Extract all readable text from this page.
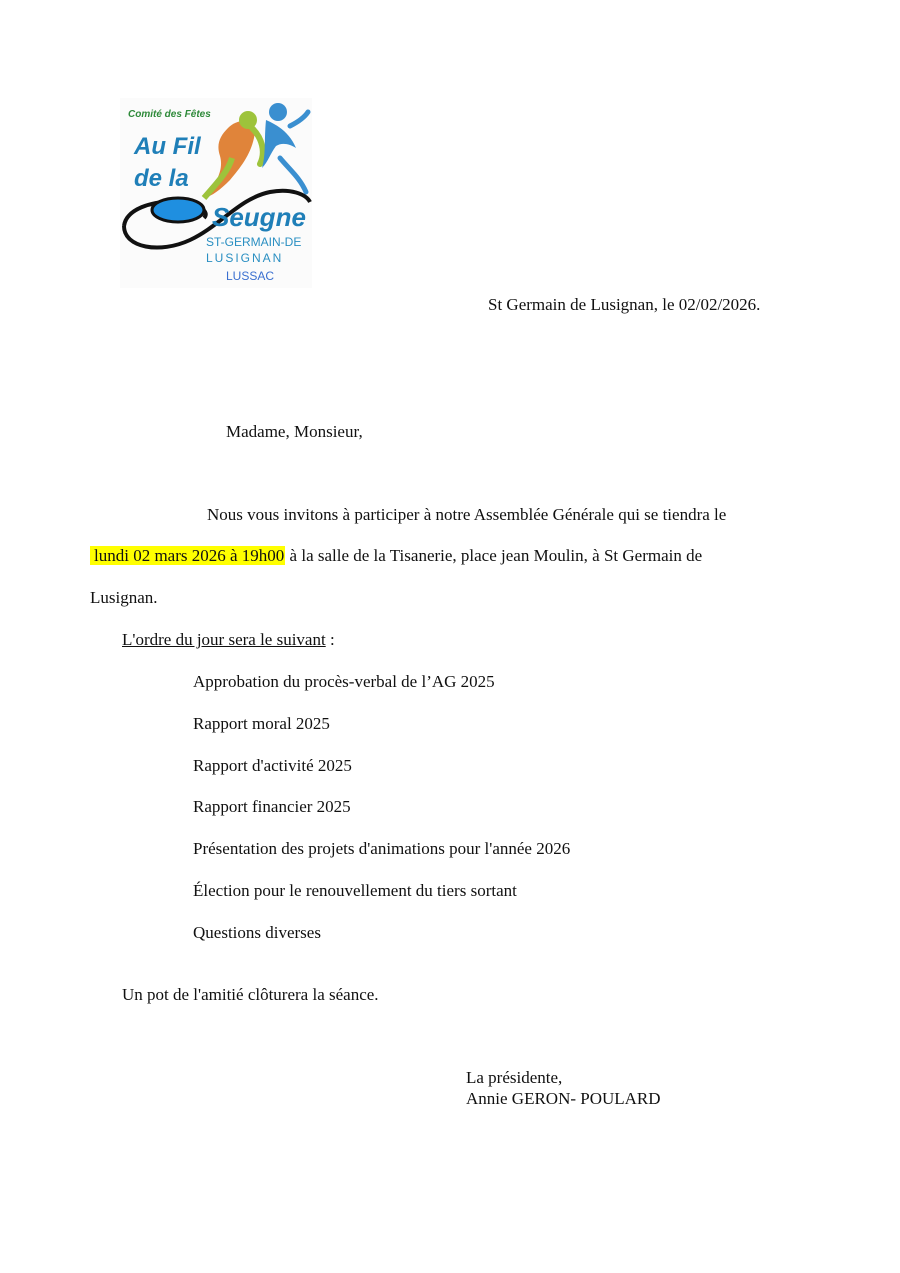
Comité des Fêtes
Au Fil
de la
Seugne
ST-GERMAIN-DE
LUSIGNAN
LUSSAC
St Germain de Lusignan, le 02/02/2026.
Madame, Monsieur,
Nous vous invitons à participer à notre Assemblée Générale qui se tiendra le
lundi 02 mars 2026 à 19h00 à la salle de la Tisanerie, place jean Moulin, à St Germain de
Lusignan.
L'ordre du jour sera le suivant :
Approbation du procès-verbal de l’AG 2025
Rapport moral 2025
Rapport d'activité 2025
Rapport financier 2025
Présentation des projets d'animations pour l'année 2026
Élection pour le renouvellement du tiers sortant
Questions diverses
Un pot de l'amitié clôturera la séance.
La présidente,
Annie GERON- POULARD
